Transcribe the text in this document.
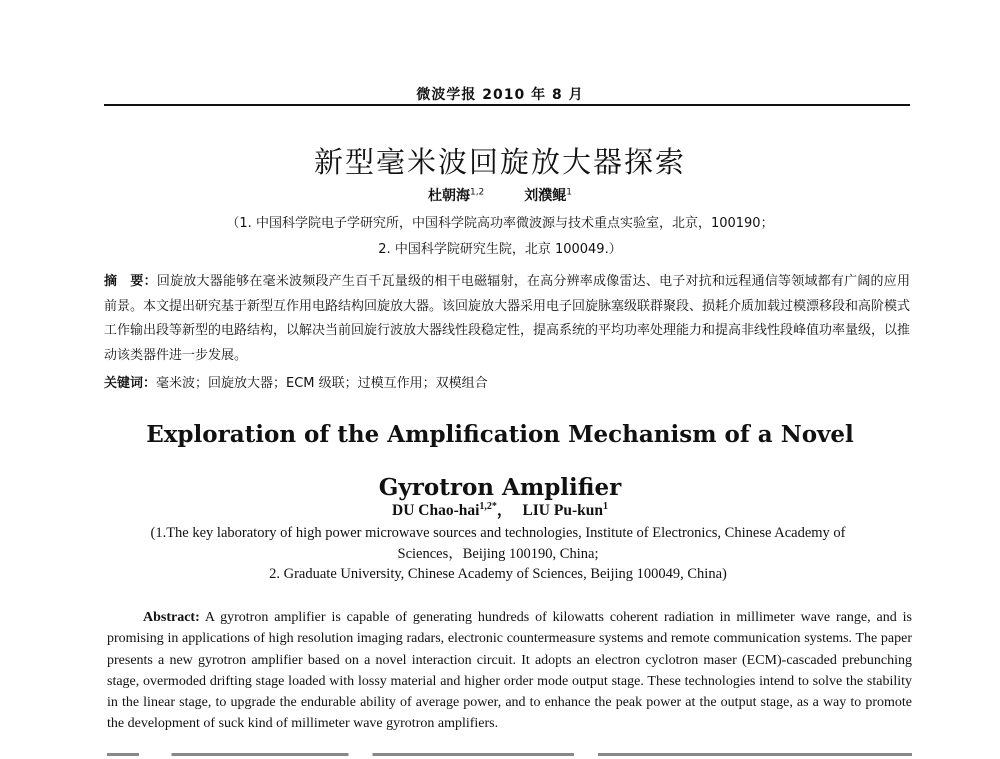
微波学报 2010 年 8 月
新型毫米波回旋放大器探索
杜朝海$^{1,2}$	刘濮鲲$^1$
（1. 中国科学院电子学研究所，中国科学院高功率微波源与技术重点实验室，北京，100190；
2. 中国科学院研究生院，北京 100049.）
摘　要：回旋放大器能够在毫米波频段产生百千瓦量级的相干电磁辐射，在高分辨率成像雷达、电子对抗和远程通信等领域都有广阔的应用前景。本文提出研究基于新型互作用电路结构回旋放大器。该回旋放大器采用电子回旋脉塞级联群聚段、损耗介质加载过模漂移段和高阶模式工作输出段等新型的电路结构，以解决当前回旋行波放大器线性段稳定性，提高系统的平均功率处理能力和提高非线性段峰值功率量级，以推动该类器件进一步发展。
关键词：毫米波；回旋放大器；ECM 级联；过模互作用；双模组合
Exploration of the Amplification Mechanism of a Novel Gyrotron Amplifier
DU Chao-hai$^{1,2*}$， LIU Pu-kun$^1$
(1.The key laboratory of high power microwave sources and technologies, Institute of Electronics, Chinese Academy of Sciences，Beijing 100190, China;
2. Graduate University, Chinese Academy of Sciences, Beijing 100049, China)
Abstract: A gyrotron amplifier is capable of generating hundreds of kilowatts coherent radiation in millimeter wave range, and is promising in applications of high resolution imaging radars, electronic countermeasure systems and remote communication systems. The paper presents a new gyrotron amplifier based on a novel interaction circuit. It adopts an electron cyclotron maser (ECM)-cascaded prebunching stage, overmoded drifting stage loaded with lossy material and higher order mode output stage. These technologies intend to solve the stability in the linear stage, to upgrade the endurable ability of average power, and to enhance the peak power at the output stage, as a way to promote the development of suck kind of millimeter wave gyrotron amplifiers.
